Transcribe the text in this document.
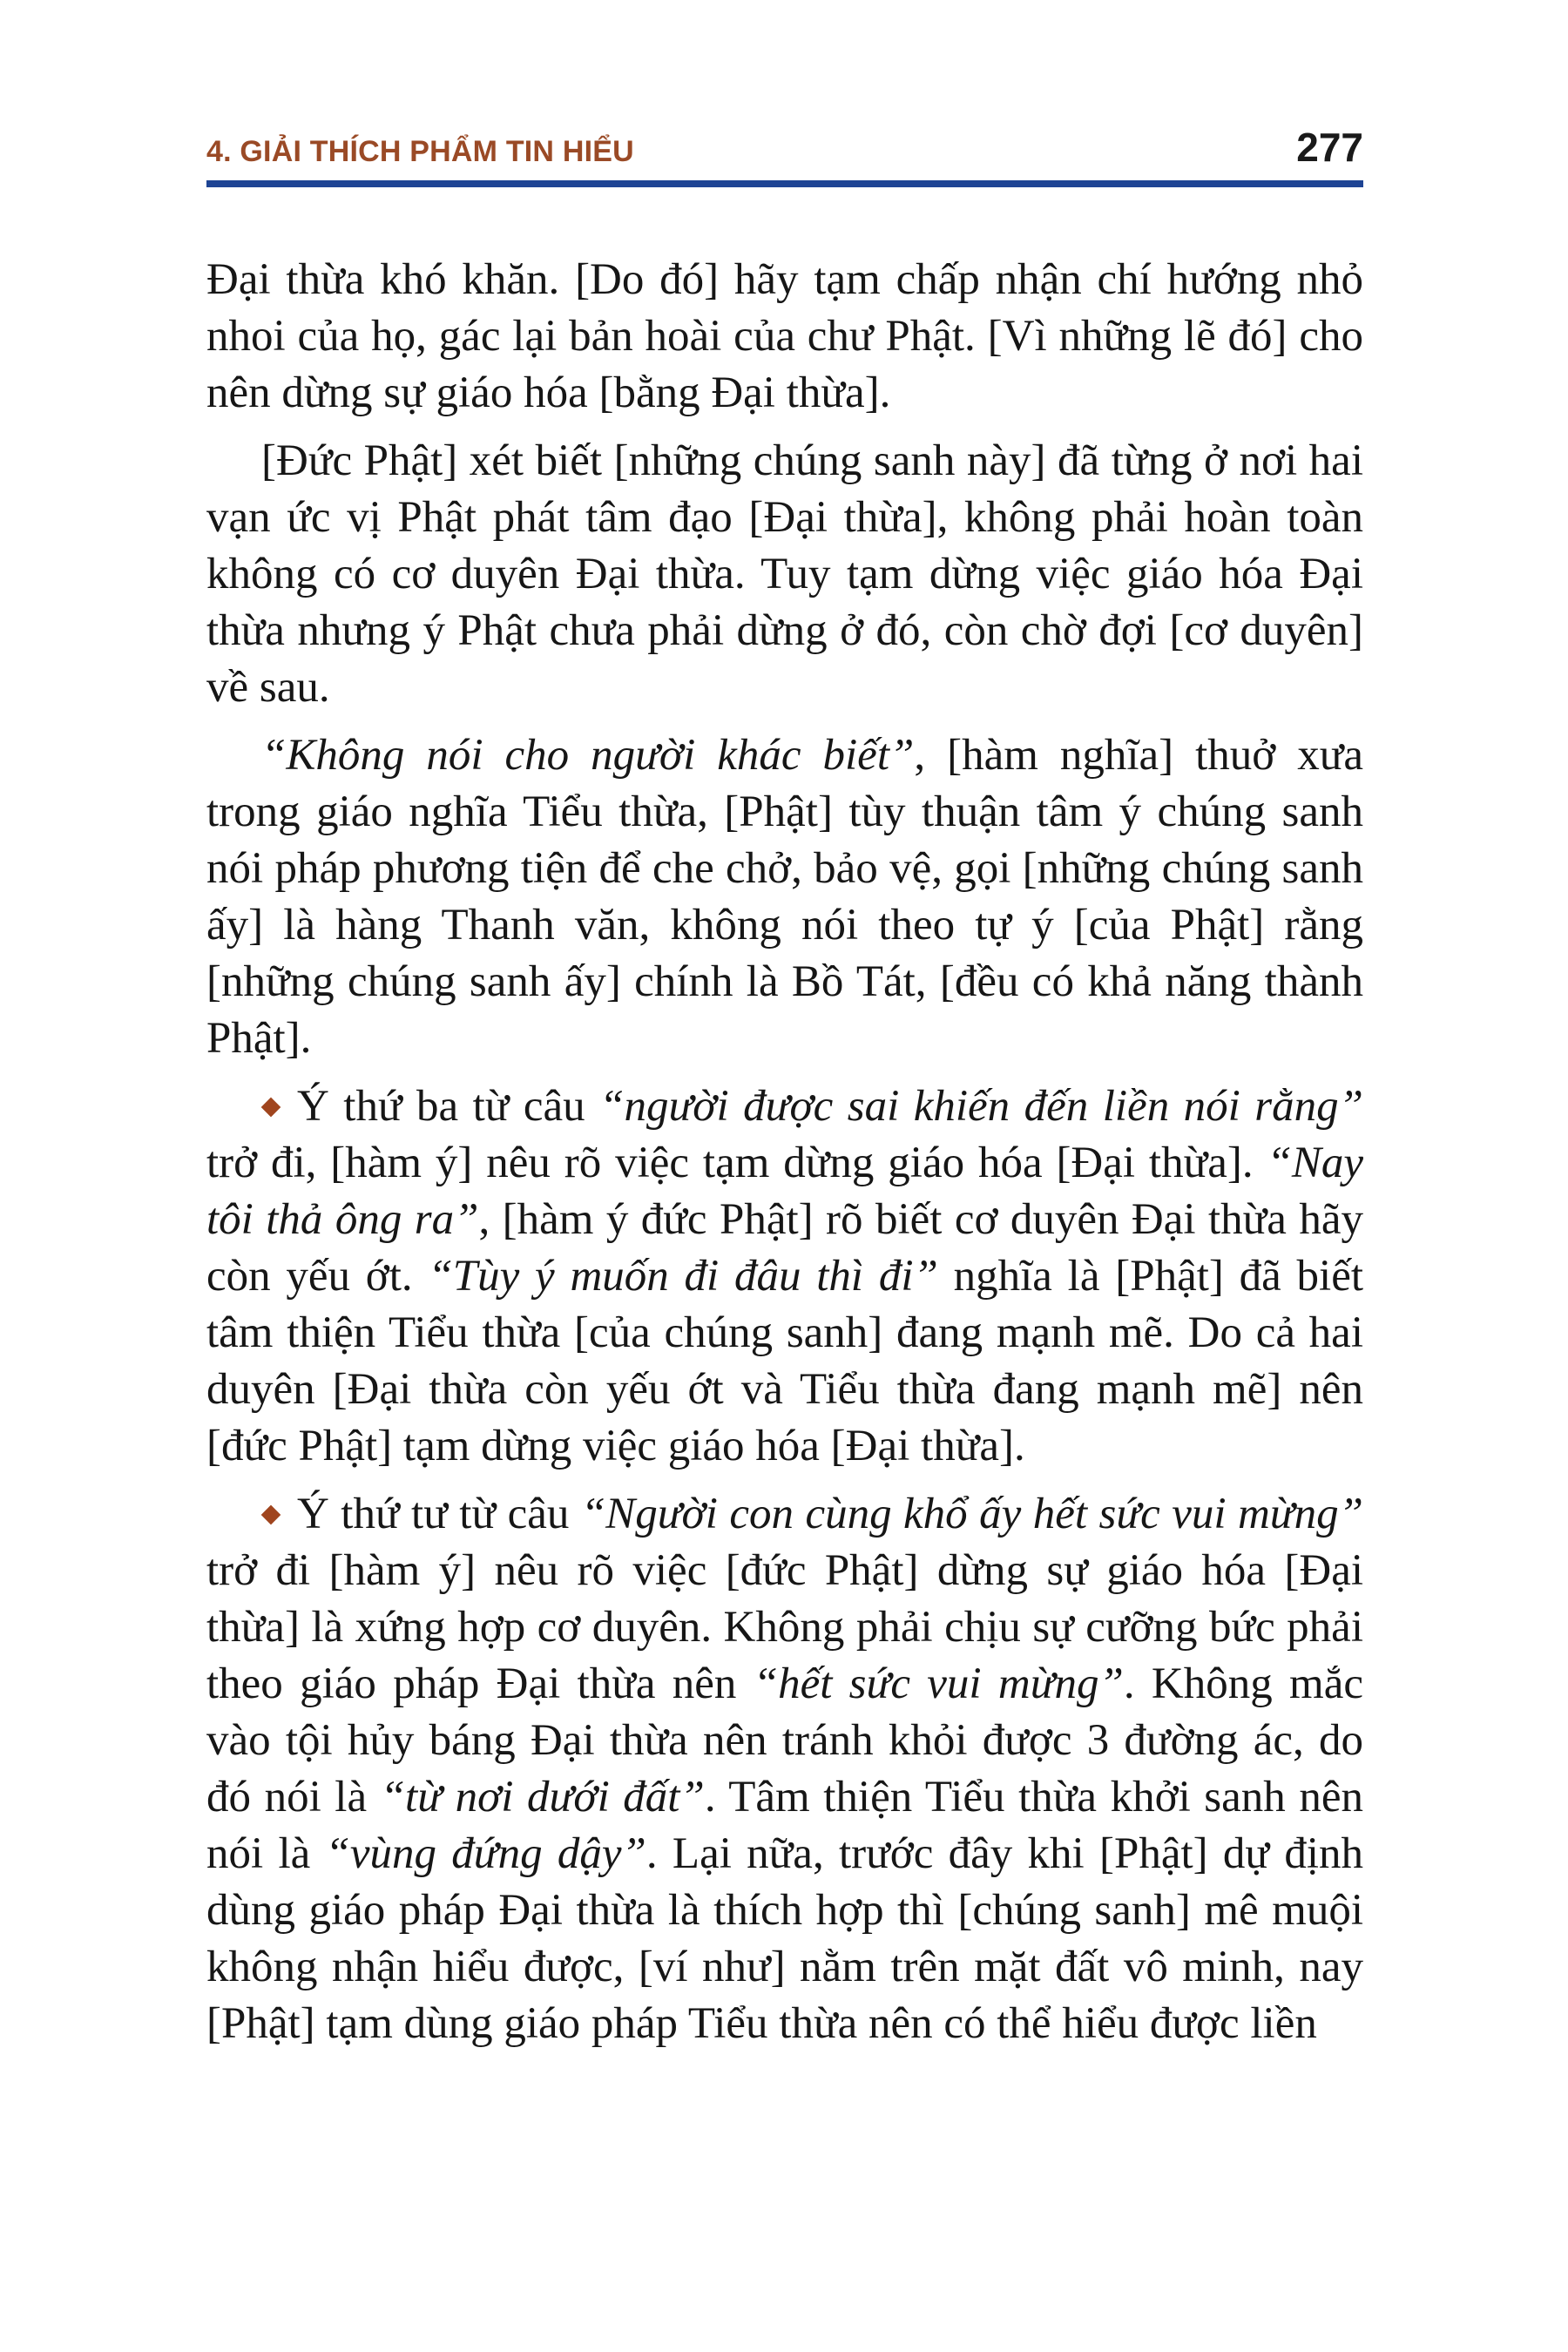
4. GIẢI THÍCH PHẨM TIN HIỂU	277

Đại thừa khó khăn. [Do đó] hãy tạm chấp nhận chí hướng nhỏ nhoi của họ, gác lại bản hoài của chư Phật. [Vì những lẽ đó] cho nên dừng sự giáo hóa [bằng Đại thừa].

[Đức Phật] xét biết [những chúng sanh này] đã từng ở nơi hai vạn ức vị Phật phát tâm đạo [Đại thừa], không phải hoàn toàn không có cơ duyên Đại thừa. Tuy tạm dừng việc giáo hóa Đại thừa nhưng ý Phật chưa phải dừng ở đó, còn chờ đợi [cơ duyên] về sau.

“Không nói cho người khác biết”, [hàm nghĩa] thuở xưa trong giáo nghĩa Tiểu thừa, [Phật] tùy thuận tâm ý chúng sanh nói pháp phương tiện để che chở, bảo vệ, gọi [những chúng sanh ấy] là hàng Thanh văn, không nói theo tự ý [của Phật] rằng [những chúng sanh ấy] chính là Bồ Tát, [đều có khả năng thành Phật].

Ý thứ ba từ câu “người được sai khiến đến liền nói rằng” trở đi, [hàm ý] nêu rõ việc tạm dừng giáo hóa [Đại thừa]. “Nay tôi thả ông ra”, [hàm ý đức Phật] rõ biết cơ duyên Đại thừa hãy còn yếu ớt. “Tùy ý muốn đi đâu thì đi” nghĩa là [Phật] đã biết tâm thiện Tiểu thừa [của chúng sanh] đang mạnh mẽ. Do cả hai duyên [Đại thừa còn yếu ớt và Tiểu thừa đang mạnh mẽ] nên [đức Phật] tạm dừng việc giáo hóa [Đại thừa].

Ý thứ tư từ câu “Người con cùng khổ ấy hết sức vui mừng” trở đi [hàm ý] nêu rõ việc [đức Phật] dừng sự giáo hóa [Đại thừa] là xứng hợp cơ duyên. Không phải chịu sự cưỡng bức phải theo giáo pháp Đại thừa nên “hết sức vui mừng”. Không mắc vào tội hủy báng Đại thừa nên tránh khỏi được 3 đường ác, do đó nói là “từ nơi dưới đất”. Tâm thiện Tiểu thừa khởi sanh nên nói là “vùng đứng dậy”. Lại nữa, trước đây khi [Phật] dự định dùng giáo pháp Đại thừa là thích hợp thì [chúng sanh] mê muội không nhận hiểu được, [ví như] nằm trên mặt đất vô minh, nay [Phật] tạm dùng giáo pháp Tiểu thừa nên có thể hiểu được liền
